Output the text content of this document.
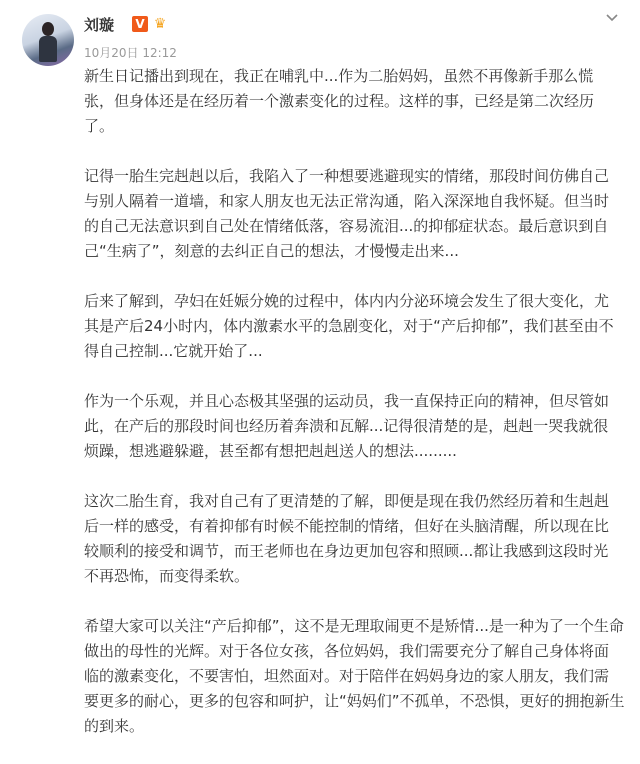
刘璇 V ♛
10月20日 12:12
新生日记播出到现在，我正在哺乳中...作为二胎妈妈，虽然不再像新手那么慌
张，但身体还是在经历着一个激素变化的过程。这样的事，已经是第二次经历
了。
记得一胎生完赳赳以后，我陷入了一种想要逃避现实的情绪，那段时间仿佛自己
与别人隔着一道墙，和家人朋友也无法正常沟通，陷入深深地自我怀疑。但当时
的自己无法意识到自己处在情绪低落，容易流泪...的抑郁症状态。最后意识到自
己“生病了”，刻意的去纠正自己的想法，才慢慢走出来...
后来了解到，孕妇在妊娠分娩的过程中，体内内分泌环境会发生了很大变化，尤
其是产后24小时内，体内激素水平的急剧变化，对于“产后抑郁”，我们甚至由不
得自己控制...它就开始了...
作为一个乐观，并且心态极其坚强的运动员，我一直保持正向的精神，但尽管如
此，在产后的那段时间也经历着奔溃和瓦解...记得很清楚的是，赳赳一哭我就很
烦躁，想逃避躲避，甚至都有想把赳赳送人的想法.........
这次二胎生育，我对自己有了更清楚的了解，即便是现在我仍然经历着和生赳赳
后一样的感受，有着抑郁有时候不能控制的情绪，但好在头脑清醒，所以现在比
较顺利的接受和调节，而王老师也在身边更加包容和照顾...都让我感到这段时光
不再恐怖，而变得柔软。
希望大家可以关注“产后抑郁”，这不是无理取闹更不是矫情...是一种为了一个生命
做出的母性的光辉。对于各位女孩，各位妈妈，我们需要充分了解自己身体将面
临的激素变化，不要害怕，坦然面对。对于陪伴在妈妈身边的家人朋友，我们需
要更多的耐心，更多的包容和呵护，让“妈妈们”不孤单，不恐惧，更好的拥抱新生
的到来。
